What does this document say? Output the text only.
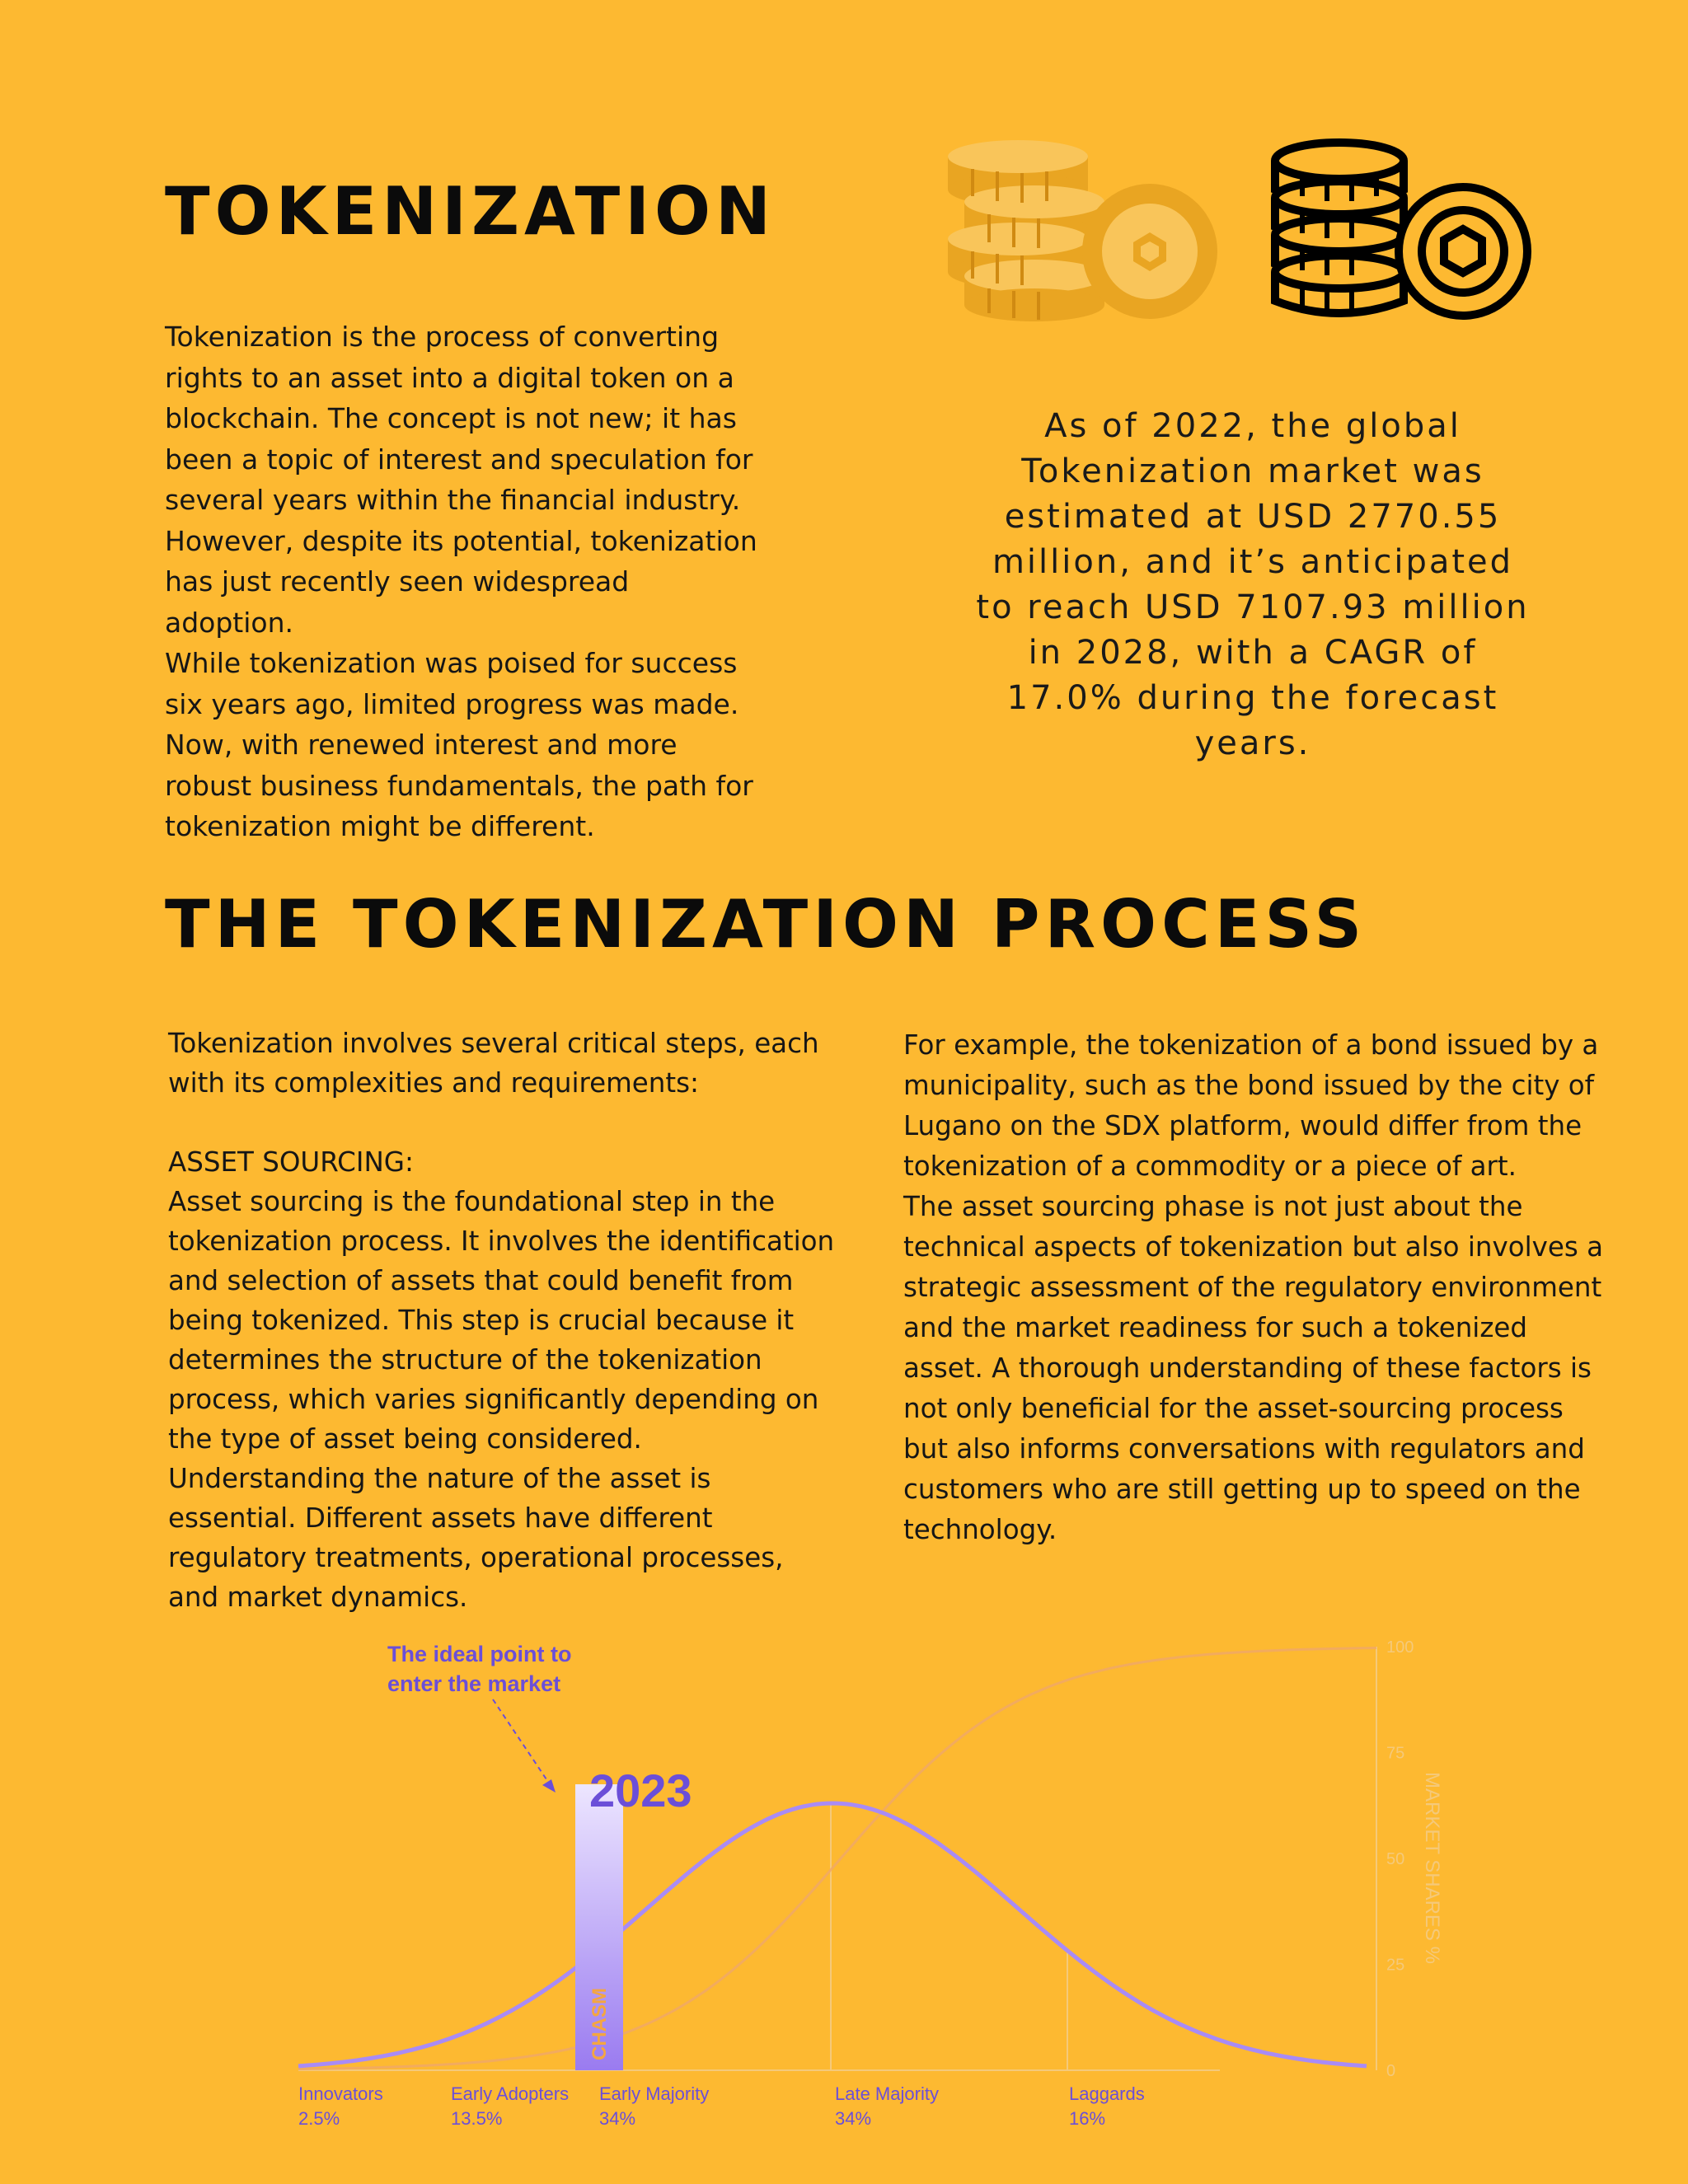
TOKENIZATION
Tokenization is the process of converting
rights to an asset into a digital token on a
blockchain. The concept is not new; it has
been a topic of interest and speculation for
several years within the financial industry.
However, despite its potential, tokenization
has just recently seen widespread
adoption.
While tokenization was poised for success
six years ago, limited progress was made.
Now, with renewed interest and more
robust business fundamentals, the path for
tokenization might be different.
As of 2022, the global
Tokenization market was
estimated at USD 2770.55
million, and it’s anticipated
to reach USD 7107.93 million
in 2028, with a CAGR of
17.0% during the forecast
years.
THE TOKENIZATION PROCESS
Tokenization involves several critical steps, each
with its complexities and requirements:

ASSET SOURCING:
Asset sourcing is the foundational step in the
tokenization process. It involves the identification
and selection of assets that could benefit from
being tokenized. This step is crucial because it
determines the structure of the tokenization
process, which varies significantly depending on
the type of asset being considered.
Understanding the nature of the asset is
essential. Different assets have different
regulatory treatments, operational processes,
and market dynamics.
For example, the tokenization of a bond issued by a
municipality, such as the bond issued by the city of
Lugano on the SDX platform, would differ from the
tokenization of a commodity or a piece of art.
The asset sourcing phase is not just about the
technical aspects of tokenization but also involves a
strategic assessment of the regulatory environment
and the market readiness for such a tokenized
asset. A thorough understanding of these factors is
not only beneficial for the asset-sourcing process
but also informs conversations with regulators and
customers who are still getting up to speed on the
technology.
100
75
50
25
0
MARKET SHARES %
CHASM
2023
The ideal point to
enter the market
Innovators
2.5%
Early Adopters
13.5%
Early Majority
34%
Late Majority
34%
Laggards
16%
